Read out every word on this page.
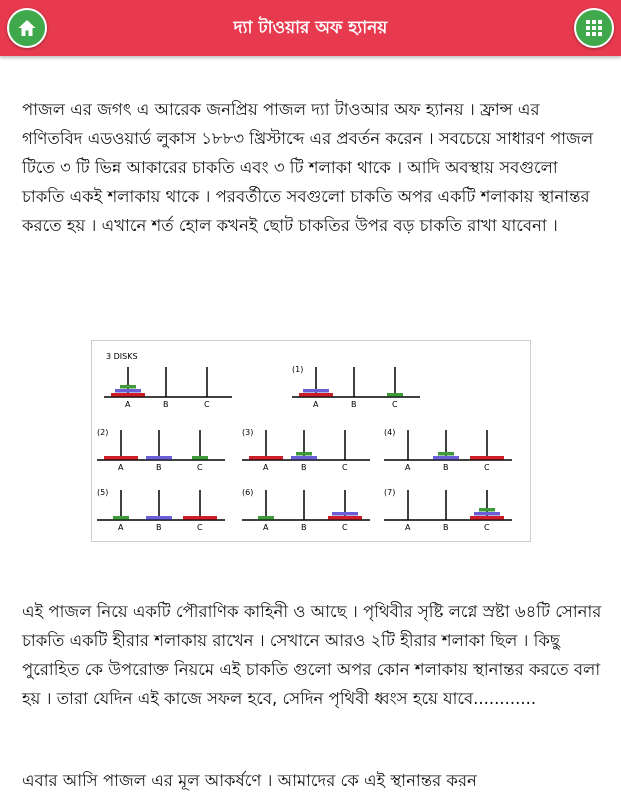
দ্যা টাওয়ার অফ হ্যানয়
পাজল এর জগৎ এ আরেক জনপ্রিয় পাজল দ্যা টাওআর অফ হ্যানয় । ফ্রান্স এর গণিতবিদ এডওয়ার্ড লুকাস ১৮৮৩ খ্রিস্টাব্দে এর প্রবর্তন করেন । সবচেয়ে সাধারণ পাজল টিতে ৩ টি ভিন্ন আকারের চাকতি এবং ৩ টি শলাকা থাকে । আদি অবস্থায় সবগুলো চাকতি একই শলাকায় থাকে । পরবর্তীতে সবগুলো চাকতি অপর একটি শলাকায় স্থানান্তর করতে হয় । এখানে শর্ত হোল কখনই ছোট চাকতির উপর বড় চাকতি রাখা যাবেনা ।
3 DISKS
A	B	C
(1)
A	B	C
(2)
A	B	C
(3)
A	B	C
(4)
A	B	C
(5)
A	B	C
(6)
A	B	C
(7)
A	B	C
এই পাজল নিয়ে একটি পৌরাণিক কাহিনী ও আছে । পৃথিবীর সৃষ্টি লগ্নে স্রষ্টা ৬৪টি সোনার চাকতি একটি হীরার শলাকায় রাখেন । সেখানে আরও ২টি হীরার শলাকা ছিল । কিছু পুরোহিত কে উপরোক্ত নিয়মে এই চাকতি গুলো অপর কোন শলাকায় স্থানান্তর করতে বলা হয় । তারা যেদিন এই কাজে সফল হবে, সেদিন পৃথিবী ধ্বংস হয়ে যাবে............
এবার আসি পাজল এর মূল আকর্ষণে । আমাদের কে এই স্থানান্তর করন
